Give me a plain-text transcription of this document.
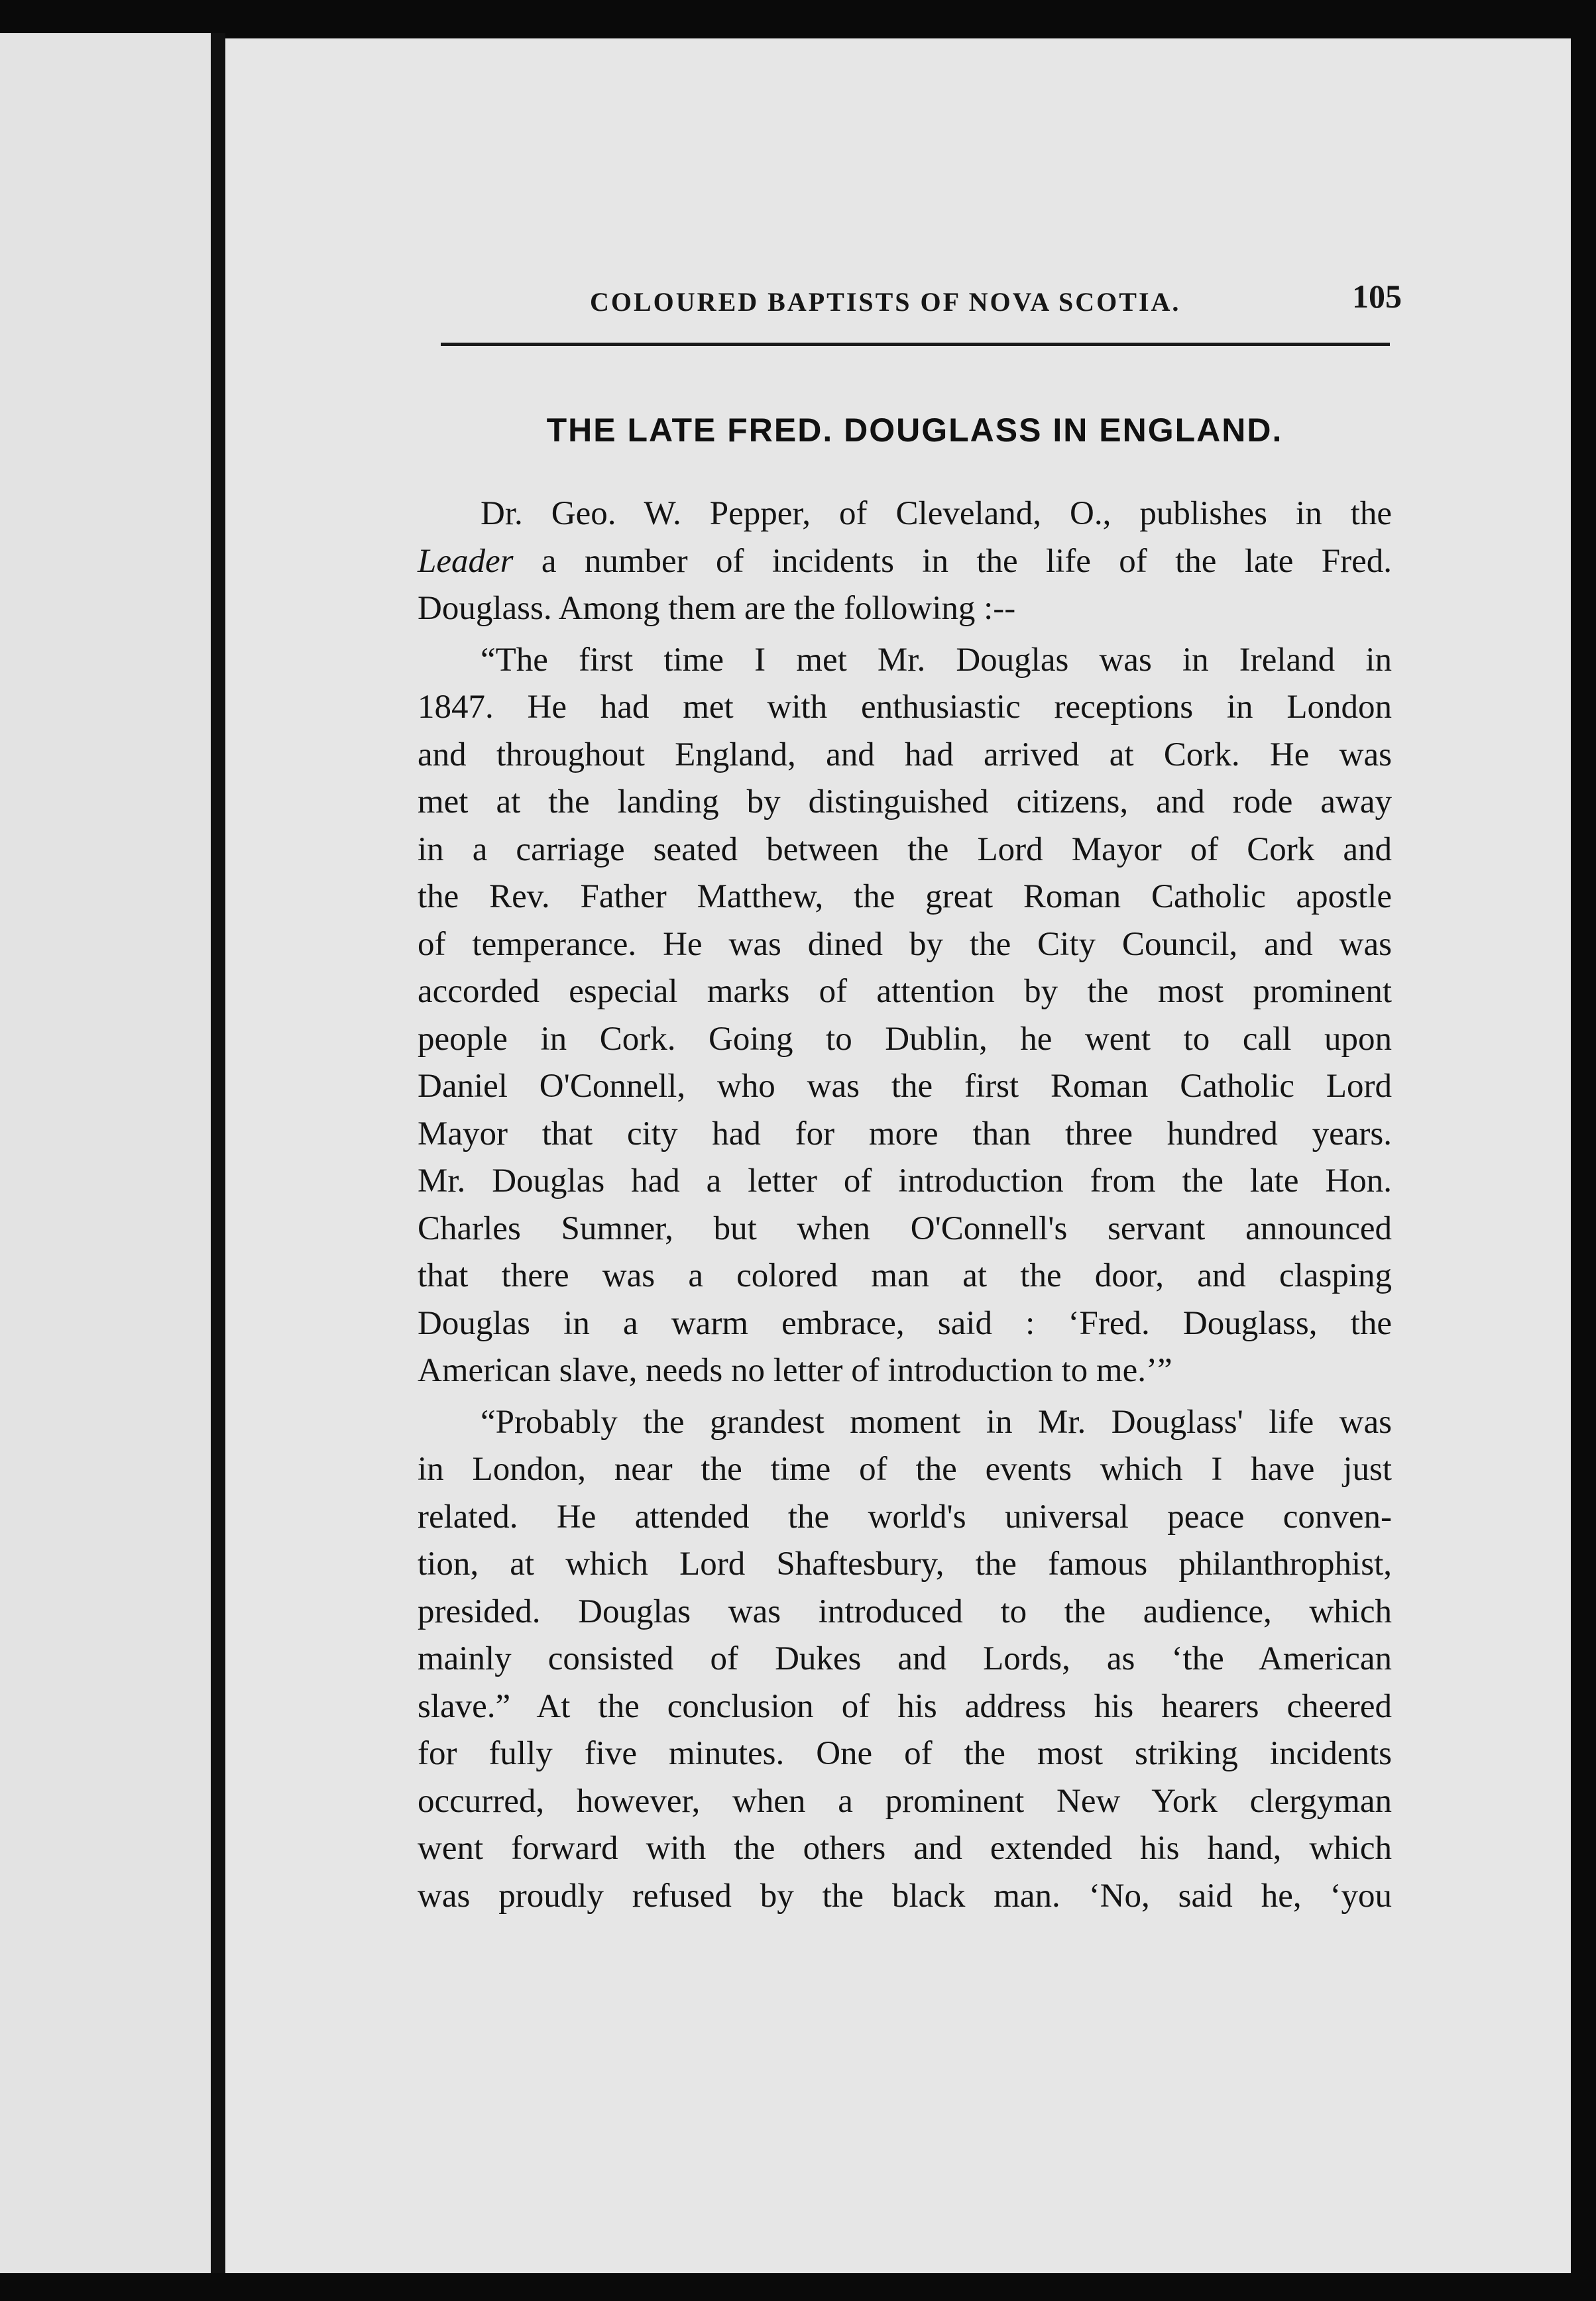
COLOURED BAPTISTS OF NOVA SCOTIA.	105
THE LATE FRED. DOUGLASS IN ENGLAND.
Dr. Geo. W. Pepper, of Cleveland, O., publishes in the
Leader a number of incidents in the life of the late Fred.
Douglass. Among them are the following :--
“The first time I met Mr. Douglas was in Ireland in
1847. He had met with enthusiastic receptions in London
and throughout England, and had arrived at Cork. He was
met at the landing by distinguished citizens, and rode away
in a carriage seated between the Lord Mayor of Cork and
the Rev. Father Matthew, the great Roman Catholic apostle
of temperance. He was dined by the City Council, and was
accorded especial marks of attention by the most prominent
people in Cork. Going to Dublin, he went to call upon
Daniel O'Connell, who was the first Roman Catholic Lord
Mayor that city had for more than three hundred years.
Mr. Douglas had a letter of introduction from the late Hon.
Charles Sumner, but when O'Connell's servant announced
that there was a colored man at the door, and clasping
Douglas in a warm embrace, said : ‘Fred. Douglass, the
American slave, needs no letter of introduction to me.’”
“Probably the grandest moment in Mr. Douglass' life was
in London, near the time of the events which I have just
related. He attended the world's universal peace conven-
tion, at which Lord Shaftesbury, the famous philanthrophist,
presided. Douglas was introduced to the audience, which
mainly consisted of Dukes and Lords, as ‘the American
slave.” At the conclusion of his address his hearers cheered
for fully five minutes. One of the most striking incidents
occurred, however, when a prominent New York clergyman
went forward with the others and extended his hand, which
was proudly refused by the black man. ‘No, said he, ‘you
